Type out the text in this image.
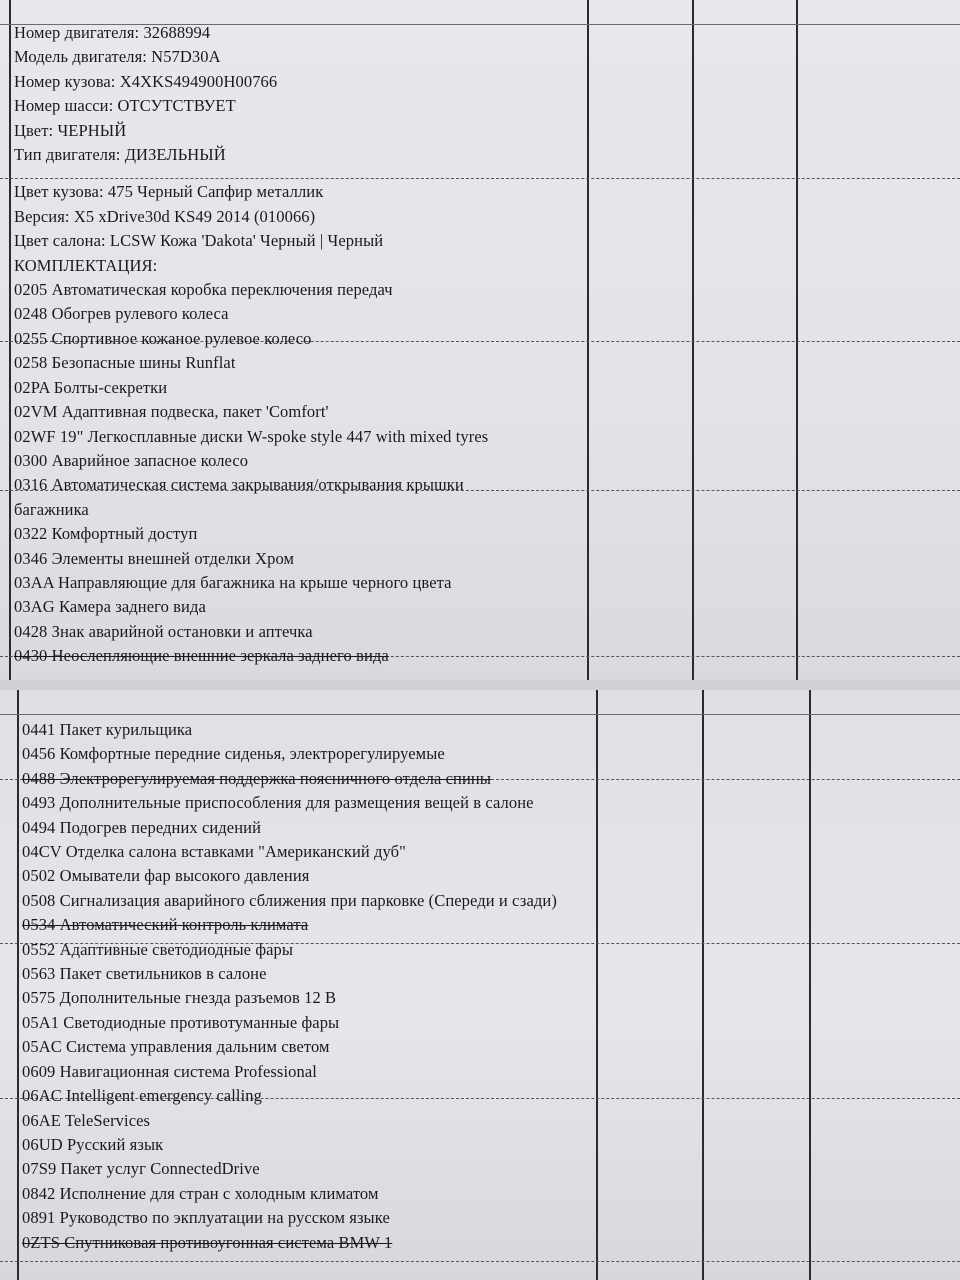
Номер двигателя: 32688994
Модель двигателя: N57D30A
Номер кузова: X4XKS494900H00766
Номер шасси: ОТСУТСТВУЕТ
Цвет: ЧЕРНЫЙ
Тип двигателя: ДИЗЕЛЬНЫЙ
Цвет кузова: 475 Черный Сапфир металлик
Версия: X5 xDrive30d KS49 2014 (010066)
Цвет салона: LCSW Кожа 'Dakota' Черный | Черный
КОМПЛЕКТАЦИЯ:
0205 Автоматическая коробка переключения передач
0248 Обогрев рулевого колеса
0255 Спортивное кожаное рулевое колесо
0258 Безопасные шины Runflat
02PA Болты-секретки
02VM Адаптивная подвеска, пакет 'Comfort'
02WF 19" Легкосплавные диски W-spoke style 447 with mixed tyres
0300 Аварийное запасное колесо
0316 Автоматическая система закрывания/открывания крышки багажника
0322 Комфортный доступ
0346 Элементы внешней отделки Хром
03AA Направляющие для багажника на крыше черного цвета
03AG Камера заднего вида
0428 Знак аварийной остановки и аптечка
0430 Неослепляющие внешние зеркала заднего вида
0441 Пакет курильщика
0456 Комфортные передние сиденья, электрорегулируемые
0488 Электрорегулируемая поддержка поясничного отдела спины
0493 Дополнительные приспособления для размещения вещей в салоне
0494 Подогрев передних сидений
04CV Отделка салона вставками "Американский дуб"
0502 Омыватели фар высокого давления
0508 Сигнализация аварийного сближения при парковке (Спереди и сзади)
0534 Автоматический контроль климата
0552 Адаптивные светодиодные фары
0563 Пакет светильников в салоне
0575 Дополнительные гнезда разъемов 12 В
05A1 Светодиодные противотуманные фары
05AC Система управления дальним светом
0609 Навигационная система Professional
06AC Intelligent emergency calling
06AE TeleServices
06UD Русский язык
07S9 Пакет услуг ConnectedDrive
0842 Исполнение для стран с холодным климатом
0891 Руководство по экплуатации на русском языке
0ZTS Спутниковая противоугонная система BMW 1
